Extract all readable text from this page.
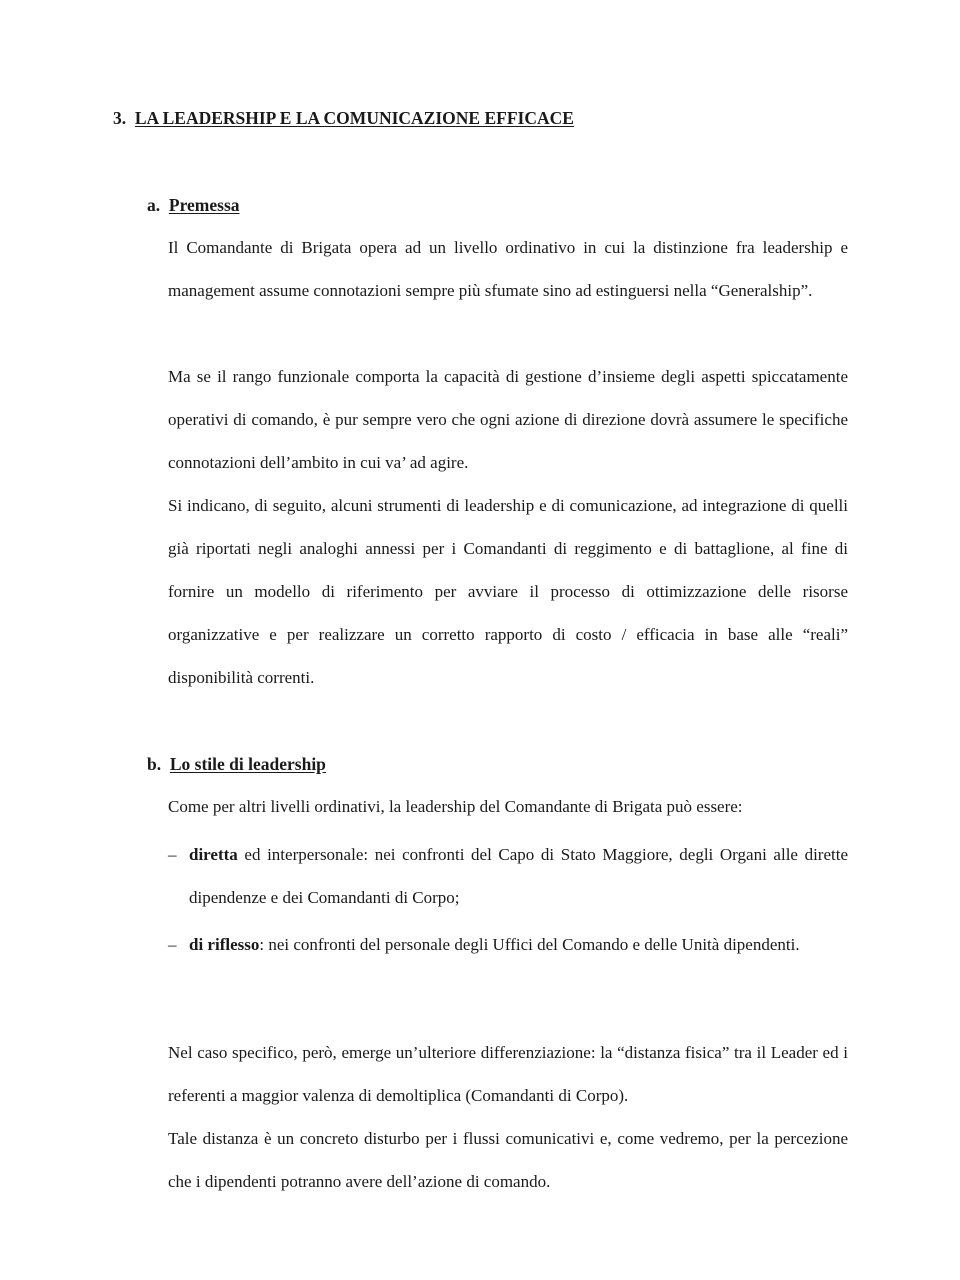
3. LA LEADERSHIP E LA COMUNICAZIONE EFFICACE
a. Premessa

Il Comandante di Brigata opera ad un livello ordinativo in cui la distinzione fra leadership e management assume connotazioni sempre più sfumate sino ad estinguersi nella “Generalship”.

Ma se il rango funzionale comporta la capacità di gestione d’insieme degli aspetti spiccatamente operativi di comando, è pur sempre vero che ogni azione di direzione dovrà assumere le specifiche connotazioni dell’ambito in cui va’ ad agire.

Si indicano, di seguito, alcuni strumenti di leadership e di comunicazione, ad integrazione di quelli già riportati negli analoghi annessi per i Comandanti di reggimento e di battaglione, al fine di fornire un modello di riferimento per avviare il processo di ottimizzazione delle risorse organizzative e per realizzare un corretto rapporto di costo / efficacia in base alle “reali” disponibilità correnti.

b. Lo stile di leadership

Come per altri livelli ordinativi, la leadership del Comandante di Brigata può essere:

– diretta ed interpersonale: nei confronti del Capo di Stato Maggiore, degli Organi alle dirette dipendenze e dei Comandanti di Corpo;
– di riflesso: nei confronti del personale degli Uffici del Comando e delle Unità dipendenti.

Nel caso specifico, però, emerge un’ulteriore differenziazione: la “distanza fisica” tra il Leader ed i referenti a maggior valenza di demoltiplica (Comandanti di Corpo).

Tale distanza è un concreto disturbo per i flussi comunicativi e, come vedremo, per la percezione che i dipendenti potranno avere dell’azione di comando.
